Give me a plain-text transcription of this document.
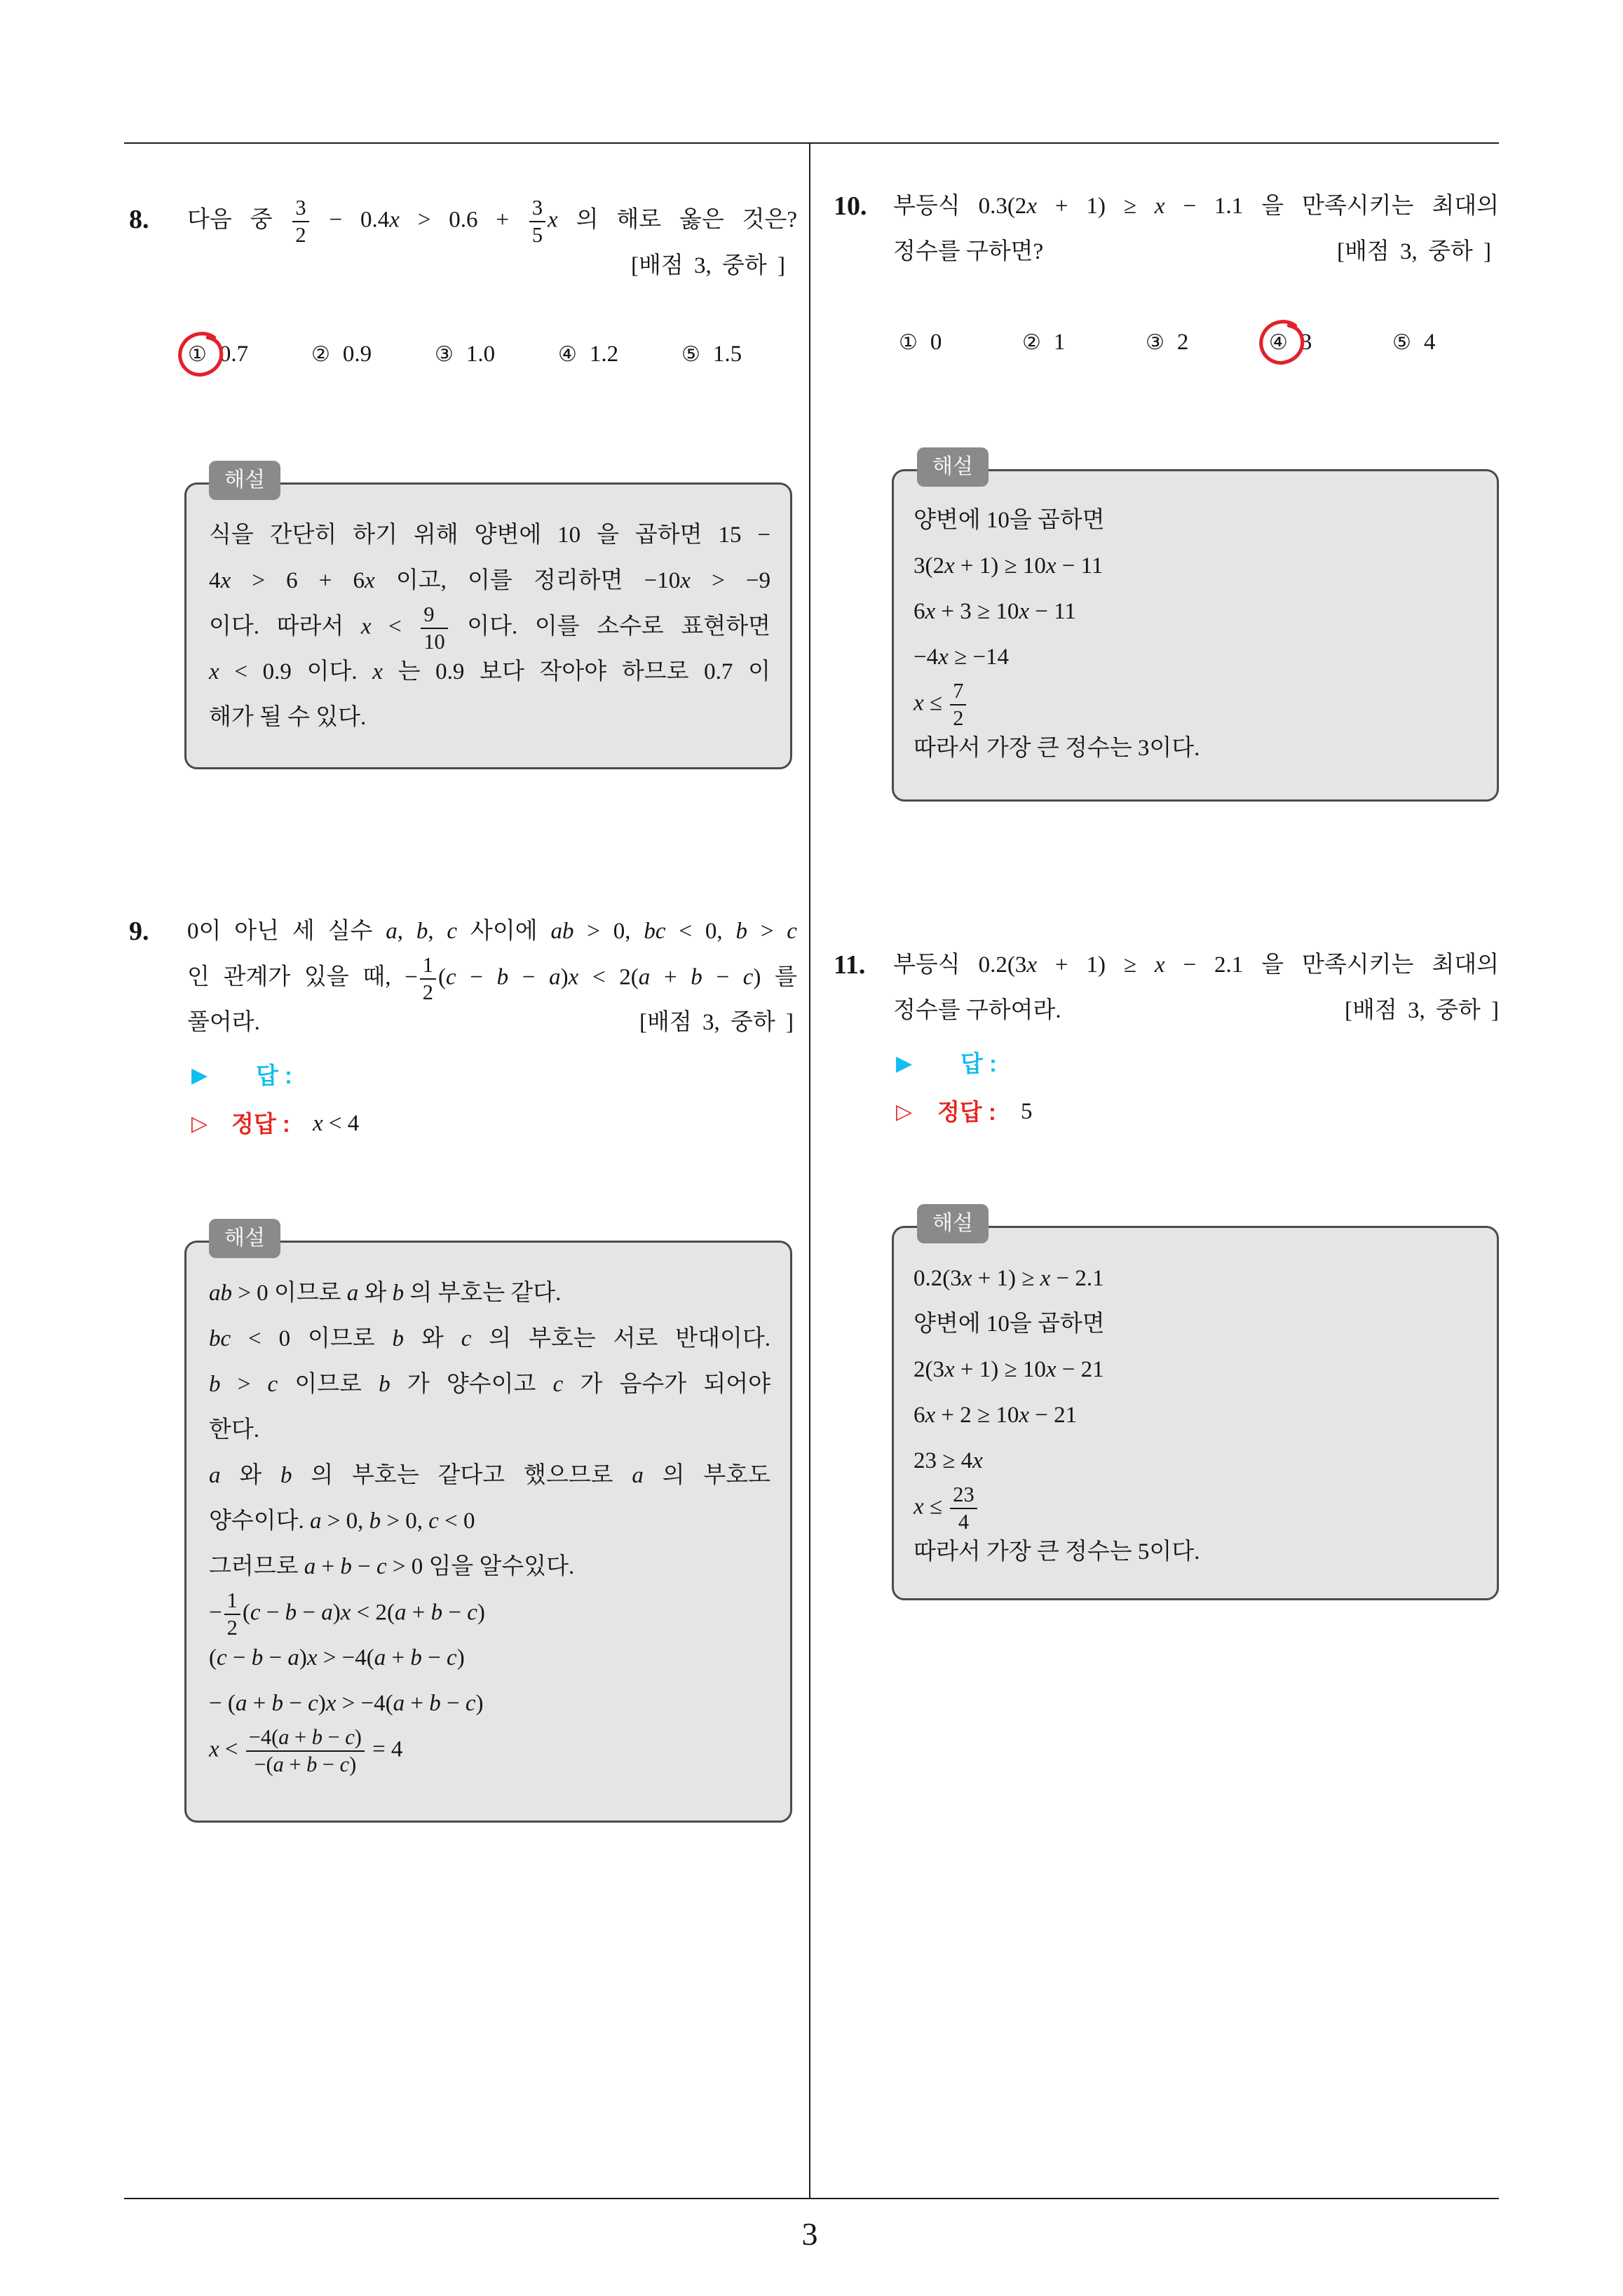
3
8. 다음 중 $\frac{3}{2} - 0.4x > 0.6 + \frac{3}{5}$ x 의 해로 옳은 것은?
[배점 3, 중하 ]
① 0.7	② 0.9	③ 1.0	④ 1.2	⑤ 1.5
해설
식을 간단히 하기 위해 양변에 10 을 곱하면 15 −
4x > 6 + 6x 이고, 이를 정리하면 −10x > −9
이다. 따라서 $x < \frac{9}{10}$ 이다. 이를 소수로 표현하면
x < 0.9 이다. x 는 0.9 보다 작아야 하므로 0.7 이
해가 될 수 있다.
9. 0이 아닌 세 실수 a, b, c 사이에 ab > 0, bc < 0, b > c
인 관계가 있을 때, − $\frac{1}{2} (c - b - a)x < 2(a + b - c)$ 를
풀어라.	[배점 3, 중하 ]
▶ 답 :
▷ 정답 : x < 4
해설
ab > 0 이므로 a 와 b 의 부호는 같다.
bc < 0 이므로 b 와 c 의 부호는 서로 반대이다.
b > c 이므로 b 가 양수이고 c 가 음수가 되어야
한다.
a 와 b 의 부호는 같다고 했으므로 a 의 부호도
양수이다. a > 0, b > 0, c < 0
그러므로 a + b − c > 0 임을 알수있다.
− $\frac{1}{2} (c - b - a)x < 2(a + b - c)$
(c − b − a)x > −4(a + b − c)
− (a + b − c)x > −4(a + b − c)
$x < \frac{-4(a + b - c)}{-(a + b - c)} = 4$
10. 부등식 0.3(2x + 1) ≥ x − 1.1 을 만족시키는 최대의
정수를 구하면?	[배점 3, 중하 ]
① 0	② 1	③ 2	④ 3	⑤ 4
해설
양변에 10을 곱하면
3(2x + 1) ≥ 10x − 11
6x + 3 ≥ 10x − 11
−4x ≥ −14
$x \le \frac{7}{2}$
따라서 가장 큰 정수는 3이다.
11. 부등식 0.2(3x + 1) ≥ x − 2.1 을 만족시키는 최대의
정수를 구하여라.	[배점 3, 중하 ]
▶ 답 :
▷ 정답 : 5
해설
0.2(3x + 1) ≥ x − 2.1
양변에 10을 곱하면
2(3x + 1) ≥ 10x − 21
6x + 2 ≥ 10x − 21
23 ≥ 4x
$x \le \frac{23}{4}$
따라서 가장 큰 정수는 5이다.
